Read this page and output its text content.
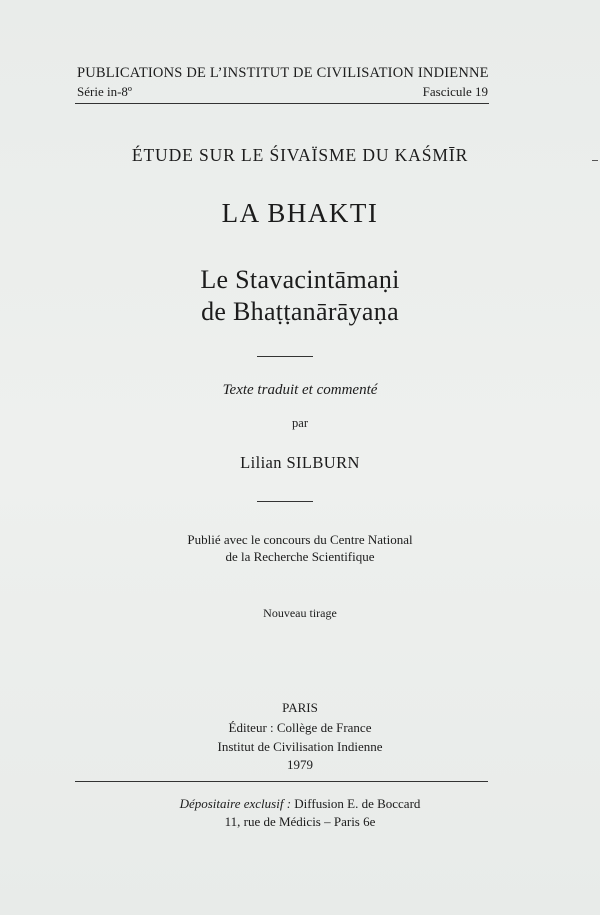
PUBLICATIONS DE L’INSTITUT DE CIVILISATION INDIENNE
Série in-8º	Fascicule 19
ÉTUDE SUR LE ŚIVAÏSME DU KAŚMĪR
LA BHAKTI
Le Stavacintāmaṇi
de Bhaṭṭanārāyaṇa
Texte traduit et commenté
par
Lilian SILBURN
Publié avec le concours du Centre National
de la Recherche Scientifique
Nouveau tirage
PARIS
Éditeur : Collège de France
Institut de Civilisation Indienne
1979
Dépositaire exclusif : Diffusion E. de Boccard
11, rue de Médicis – Paris 6e
